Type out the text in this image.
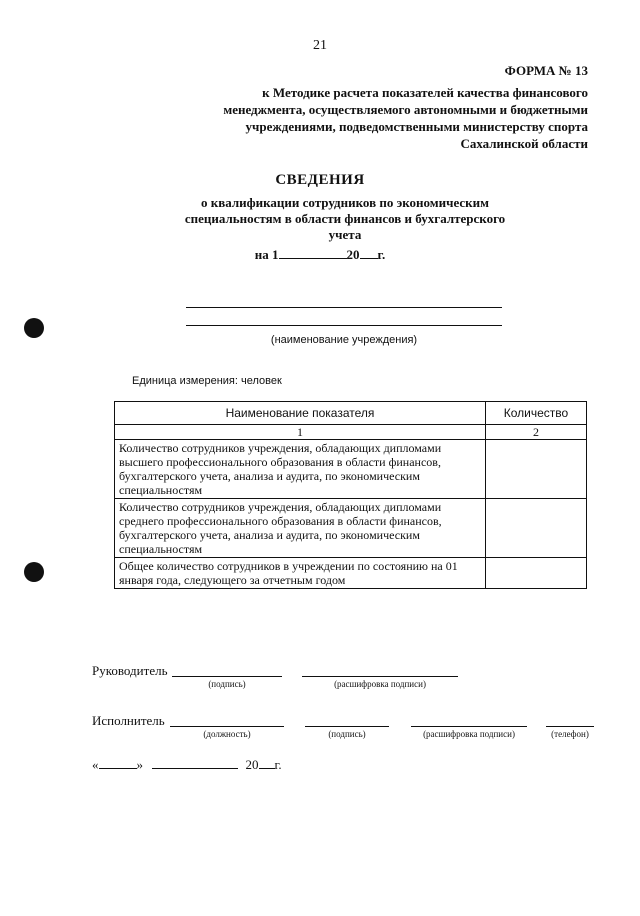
21
ФОРМА № 13
к Методике расчета показателей качества финансового
менеджмента, осуществляемого автономными и бюджетными
учреждениями, подведомственными министерству спорта
Сахалинской области
СВЕДЕНИЯ
о квалификации сотрудников по экономическим
специальностям в области финансов и бухгалтерского
учета
на 1	20 г.
(наименование учреждения)
Единица измерения: человек
Наименование показателя	Количество
1	2
Количество сотрудников учреждения, обладающих дипломами высшего профессионального образования в области финансов, бухгалтерского учета, анализа и аудита, по экономическим специальностям	
Количество сотрудников учреждения, обладающих дипломами среднего профессионального образования в области финансов, бухгалтерского учета, анализа и аудита, по экономическим специальностям	
Общее количество сотрудников в учреждении по состоянию на 01 января года, следующего за отчетным годом	
Руководитель
(подпись)	(расшифровка подписи)
Исполнитель
(должность)	(подпись)	(расшифровка подписи)	(телефон)
«	»	20 г.
